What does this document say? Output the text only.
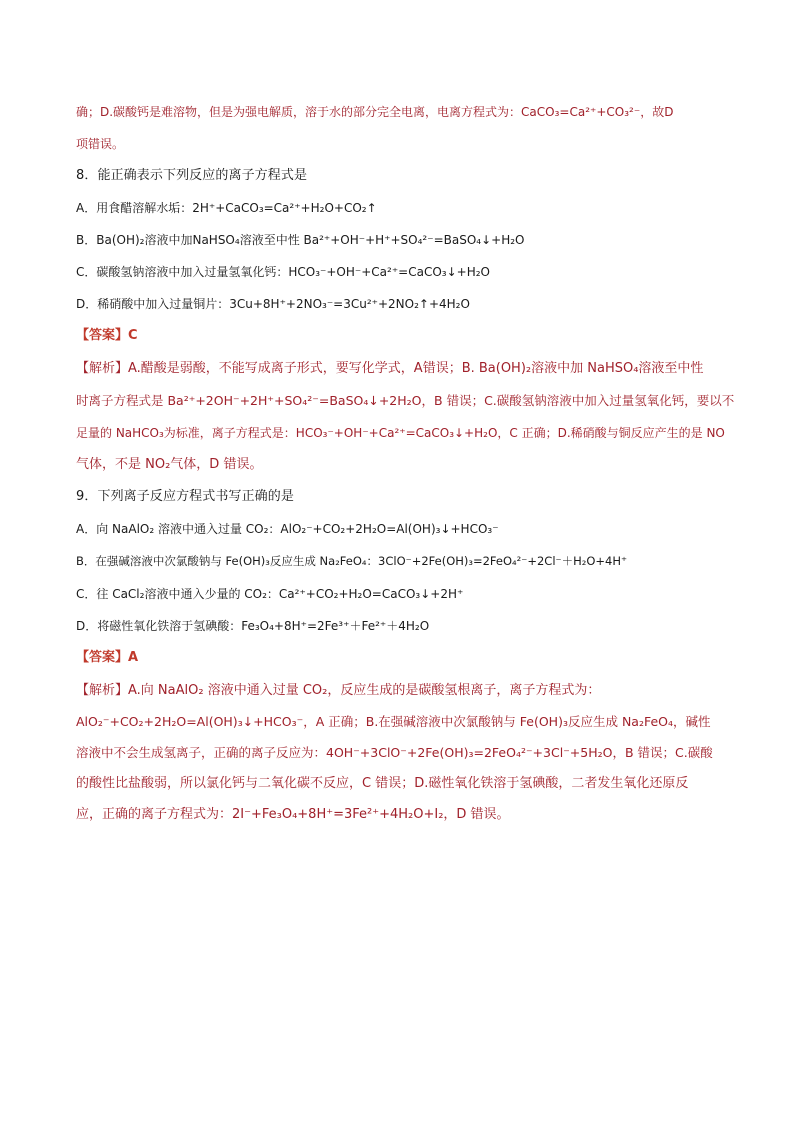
确；D.碳酸钙是难溶物，但是为强电解质，溶于水的部分完全电离，电离方程式为：CaCO₃=Ca²⁺+CO₃²⁻，故D
项错误。
8．能正确表示下列反应的离子方程式是
A．用食醋溶解水垢：2H⁺+CaCO₃=Ca²⁺+H₂O+CO₂↑
B．Ba(OH)₂溶液中加NaHSO₄溶液至中性 Ba²⁺+OH⁻+H⁺+SO₄²⁻=BaSO₄↓+H₂O
C．碳酸氢钠溶液中加入过量氢氧化钙：HCO₃⁻+OH⁻+Ca²⁺=CaCO₃↓+H₂O
D．稀硝酸中加入过量铜片：3Cu+8H⁺+2NO₃⁻=3Cu²⁺+2NO₂↑+4H₂O
【答案】C
【解析】A.醋酸是弱酸，不能写成离子形式，要写化学式，A错误；B. Ba(OH)₂溶液中加 NaHSO₄溶液至中性
时离子方程式是 Ba²⁺+2OH⁻+2H⁺+SO₄²⁻=BaSO₄↓+2H₂O，B 错误；C.碳酸氢钠溶液中加入过量氢氧化钙，要以不
足量的 NaHCO₃为标准，离子方程式是：HCO₃⁻+OH⁻+Ca²⁺=CaCO₃↓+H₂O，C 正确；D.稀硝酸与铜反应产生的是 NO
气体，不是 NO₂气体，D 错误。
9．下列离子反应方程式书写正确的是
A．向 NaAlO₂ 溶液中通入过量 CO₂：AlO₂⁻+CO₂+2H₂O=Al(OH)₃↓+HCO₃⁻
B．在强碱溶液中次氯酸钠与 Fe(OH)₃反应生成 Na₂FeO₄：3ClO⁻+2Fe(OH)₃=2FeO₄²⁻+2Cl⁻＋H₂O+4H⁺
C．往 CaCl₂溶液中通入少量的 CO₂：Ca²⁺+CO₂+H₂O=CaCO₃↓+2H⁺
D．将磁性氧化铁溶于氢碘酸：Fe₃O₄+8H⁺=2Fe³⁺＋Fe²⁺＋4H₂O
【答案】A
【解析】A.向 NaAlO₂ 溶液中通入过量 CO₂，反应生成的是碳酸氢根离子，离子方程式为：
AlO₂⁻+CO₂+2H₂O=Al(OH)₃↓+HCO₃⁻，A 正确；B.在强碱溶液中次氯酸钠与 Fe(OH)₃反应生成 Na₂FeO₄，碱性
溶液中不会生成氢离子，正确的离子反应为：4OH⁻+3ClO⁻+2Fe(OH)₃=2FeO₄²⁻+3Cl⁻+5H₂O，B 错误；C.碳酸
的酸性比盐酸弱，所以氯化钙与二氧化碳不反应，C 错误；D.磁性氧化铁溶于氢碘酸，二者发生氧化还原反
应，正确的离子方程式为：2I⁻+Fe₃O₄+8H⁺=3Fe²⁺+4H₂O+I₂，D 错误。
